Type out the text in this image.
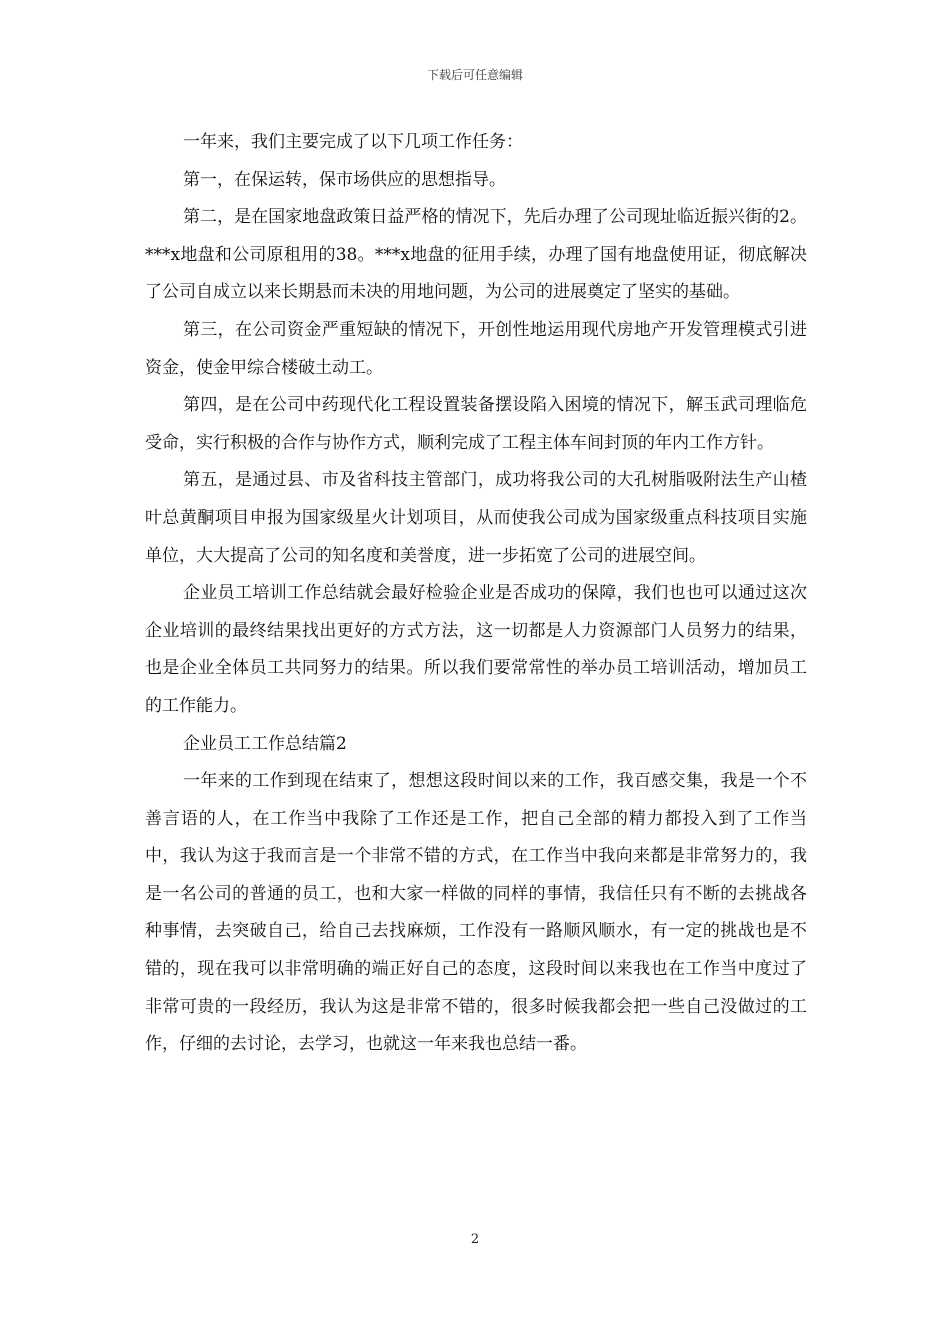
下载后可任意编辑

一年来，我们主要完成了以下几项工作任务：

第一，在保运转，保市场供应的思想指导。

第二，是在国家地盘政策日益严格的情况下，先后办理了公司现址临近振兴街的2。***x地盘和公司原租用的38。***x地盘的征用手续，办理了国有地盘使用证，彻底解决了公司自成立以来长期悬而未决的用地问题，为公司的进展奠定了坚实的基础。

第三，在公司资金严重短缺的情况下，开创性地运用现代房地产开发管理模式引进资金，使金甲综合楼破土动工。

第四，是在公司中药现代化工程设置装备摆设陷入困境的情况下，解玉武司理临危受命，实行积极的合作与协作方式，顺利完成了工程主体车间封顶的年内工作方针。

第五，是通过县、市及省科技主管部门，成功将我公司的大孔树脂吸附法生产山楂叶总黄酮项目申报为国家级星火计划项目，从而使我公司成为国家级重点科技项目实施单位，大大提高了公司的知名度和美誉度，进一步拓宽了公司的进展空间。

企业员工培训工作总结就会最好检验企业是否成功的保障，我们也也可以通过这次企业培训的最终结果找出更好的方式方法，这一切都是人力资源部门人员努力的结果，也是企业全体员工共同努力的结果。所以我们要常常性的举办员工培训活动，增加员工的工作能力。

企业员工工作总结篇2

一年来的工作到现在结束了，想想这段时间以来的工作，我百感交集，我是一个不善言语的人，在工作当中我除了工作还是工作，把自己全部的精力都投入到了工作当中，我认为这于我而言是一个非常不错的方式，在工作当中我向来都是非常努力的，我是一名公司的普通的员工，也和大家一样做的同样的事情，我信任只有不断的去挑战各种事情，去突破自己，给自己去找麻烦，工作没有一路顺风顺水，有一定的挑战也是不错的，现在我可以非常明确的端正好自己的态度，这段时间以来我也在工作当中度过了非常可贵的一段经历，我认为这是非常不错的，很多时候我都会把一些自己没做过的工作，仔细的去讨论，去学习，也就这一年来我也总结一番。

2
